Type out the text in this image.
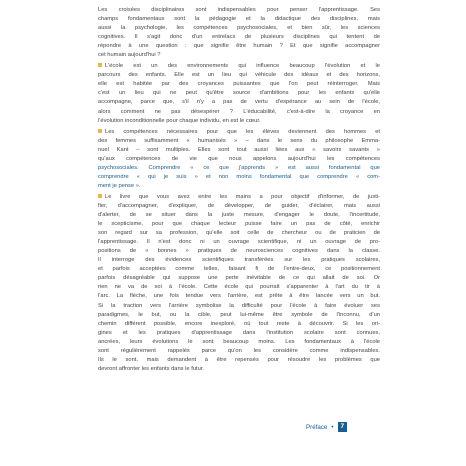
Les croisées disciplinaires sont indispensables pour penser l'apprentissage. Ses
champs fondamentaux sont la pédagogie et la didactique des disciplines, mais
aussi la psychologie, les compétences psychosociales, et bien sûr, les sciences
cognitives. Il s'agit donc d'un entrelacs de plusieurs disciplines qui tentent de
répondre à une question : que signifie être humain ? Et que signifie accompagner
cet humain aujourd'hui ?

L'école est un des environnements qui influence beaucoup l'évolution et le
parcours des enfants. Elle est un lieu qui véhicule des idéaux et des horizons,
elle est habitée par des croyances puissantes que l'on peut réinterroger. Mais
c'est un lieu qui ne peut qu'être source d'ambitions pour les enfants qu'elle
accompagne, parce que, s'il n'y a pas de vertu d'espérance au sein de l'école,
alors comment ne pas désespérer ? L'éducabilité, c'est-à-dire la croyance en
l'évolution inconditionnelle pour chaque individu, en est le cœur.

Les compétences nécessaires pour que les élèves deviennent des hommes et
des femmes suffisamment « humanisés » – dans le sens du philosophe Emma-
nuel Kant – sont multiples. Elles sont tout aussi liées aux « savoirs savants »
qu'aux compétences de vie que nous appelons aujourd'hui les compétences
psychosociales. Comprendre « ce que j'apprends » est aussi fondamental que
comprendre « qui je suis » et non moins fondamental que comprendre « com-
ment je pense ».

Le livre que vous avez entre les mains a pour objectif d'informer, de justi-
fier, d'accompagner, d'expliquer, de développer, de guider, d'éclairer, mais aussi
d'alerter, de se situer dans la juste mesure, d'engager le doute, l'incertitude,
le scepticisme, pour que chaque lecteur puisse faire un pas de côté, enrichir
son regard sur sa profession, qu'elle soit celle de chercheur ou de praticien de
l'apprentissage. Il n'est donc ni un ouvrage scientifique, ni un ouvrage de pro-
positions de « bonnes » pratiques de neurosciences cognitives dans la classe.
Il interroge des évidences scientifiques transférées sur les pratiques scolaires,
et parfois acceptées comme telles, faisant fi de l'entre-deux, ce positionnement
parfois désagréable qui suppose une perte inévitable de ce qui allait de soi. Or
rien ne va de soi à l'école. Cette école qui pourrait s'apparenter à l'art du tir à
l'arc. La flèche, une fois tendue vers l'arrière, est prête à être lancée vers un but.
Si la traction vers l'arrière symbolise la difficulté pour l'école à faire évoluer ses
paradigmes, le but, ou la cible, peut lui-même être symbole de l'inconnu, d'un
chemin différent possible, encore inexploré, où tout reste à découvrir. Si les ori-
gines et les pratiques d'apprentissage dans l'institution scolaire sont connues,
ancrées, leurs évolutions le sont beaucoup moins. Les fondamentaux à l'école
sont régulièrement rappelés parce qu'on les considère comme indispensables.
Ils le sont, mais demandent à être repensés pour résoudre les problèmes que
devront affronter les enfants dans le futur.

Préface •	7
